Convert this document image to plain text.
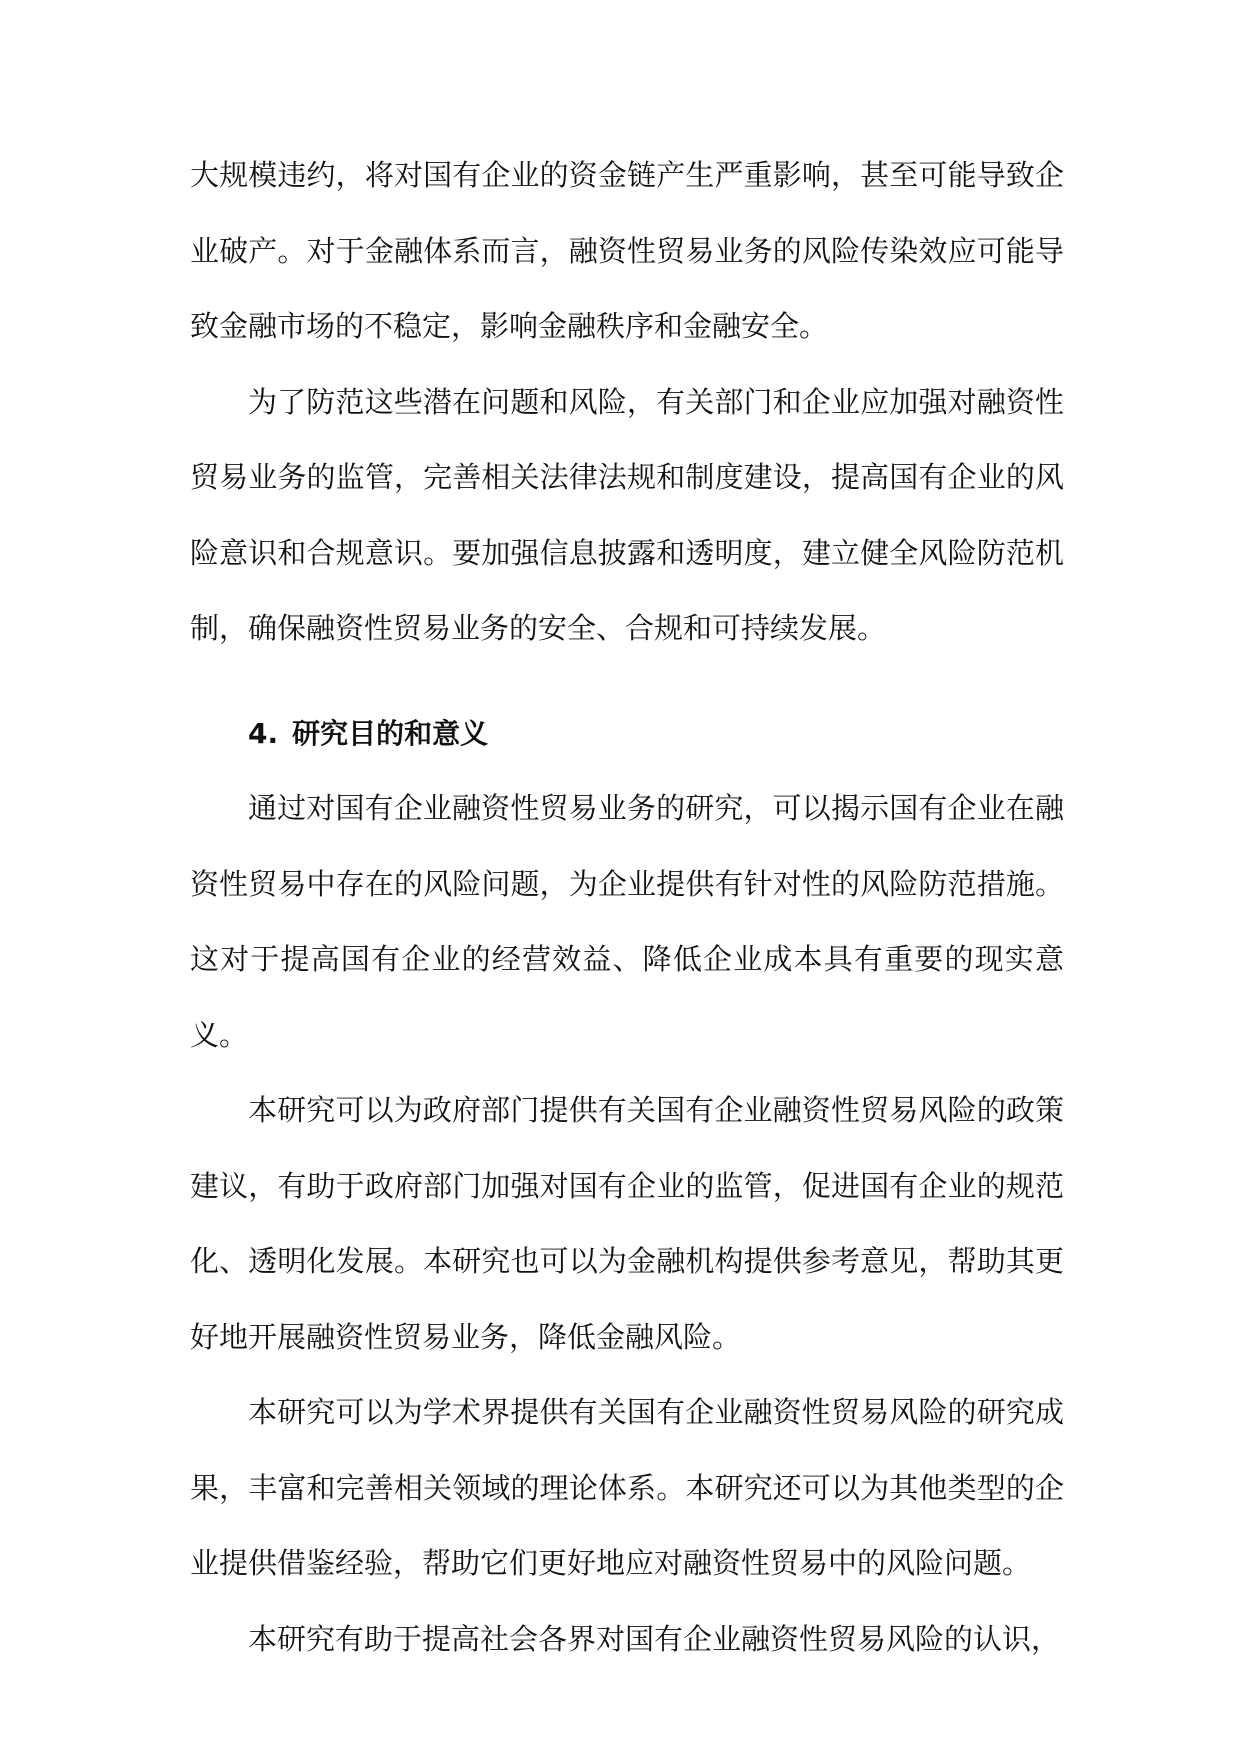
大规模违约，将对国有企业的资金链产生严重影响，甚至可能导致企业破产。对于金融体系而言，融资性贸易业务的风险传染效应可能导致金融市场的不稳定，影响金融秩序和金融安全。

为了防范这些潜在问题和风险，有关部门和企业应加强对融资性贸易业务的监管，完善相关法律法规和制度建设，提高国有企业的风险意识和合规意识。要加强信息披露和透明度，建立健全风险防范机制，确保融资性贸易业务的安全、合规和可持续发展。

4. 研究目的和意义

通过对国有企业融资性贸易业务的研究，可以揭示国有企业在融资性贸易中存在的风险问题，为企业提供有针对性的风险防范措施。这对于提高国有企业的经营效益、降低企业成本具有重要的现实意义。

本研究可以为政府部门提供有关国有企业融资性贸易风险的政策建议，有助于政府部门加强对国有企业的监管，促进国有企业的规范化、透明化发展。本研究也可以为金融机构提供参考意见，帮助其更好地开展融资性贸易业务，降低金融风险。

本研究可以为学术界提供有关国有企业融资性贸易风险的研究成果，丰富和完善相关领域的理论体系。本研究还可以为其他类型的企业提供借鉴经验，帮助它们更好地应对融资性贸易中的风险问题。

本研究有助于提高社会各界对国有企业融资性贸易风险的认识，
